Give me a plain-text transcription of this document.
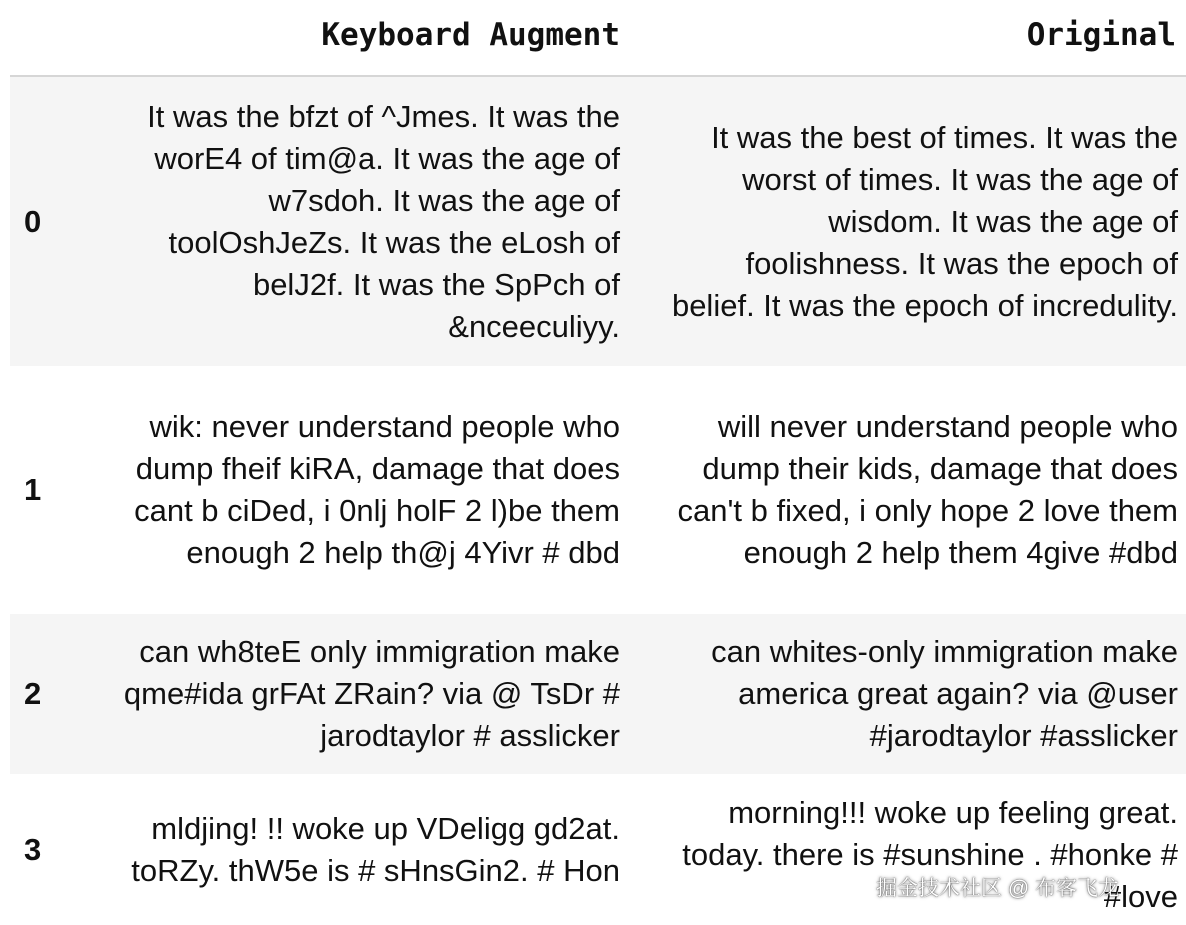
	Keyboard Augment	Original
0	It was the bfzt of ^Jmes. It was the worE4 of tim@a. It was the age of w7sdoh. It was the age of toolOshJeZs. It was the eLosh of belJ2f. It was the SpPch of &nceeculiyy.	It was the best of times. It was the worst of times. It was the age of wisdom. It was the age of foolishness. It was the epoch of belief. It was the epoch of incredulity.
1	wik: never understand people who dump fheif kiRA, damage that does cant b ciDed, i 0nlj holF 2 l)be them enough 2 help th@j 4Yivr # dbd	will never understand people who dump their kids, damage that does can't b fixed, i only hope 2 love them enough 2 help them 4give #dbd
2	can wh8teE only immigration make qme#ida grFAt ZRain? via @ TsDr # jarodtaylor # asslicker	can whites-only immigration make america great again? via @user #jarodtaylor #asslicker
3	mldjing! !! woke up VDeligg gd2at. toRZy. thW5e is # sHnsGin2. # Hon	morning!!! woke up feeling great. today. there is #sunshine . #honke # #love
掘金技术社区 @ 布客飞龙
